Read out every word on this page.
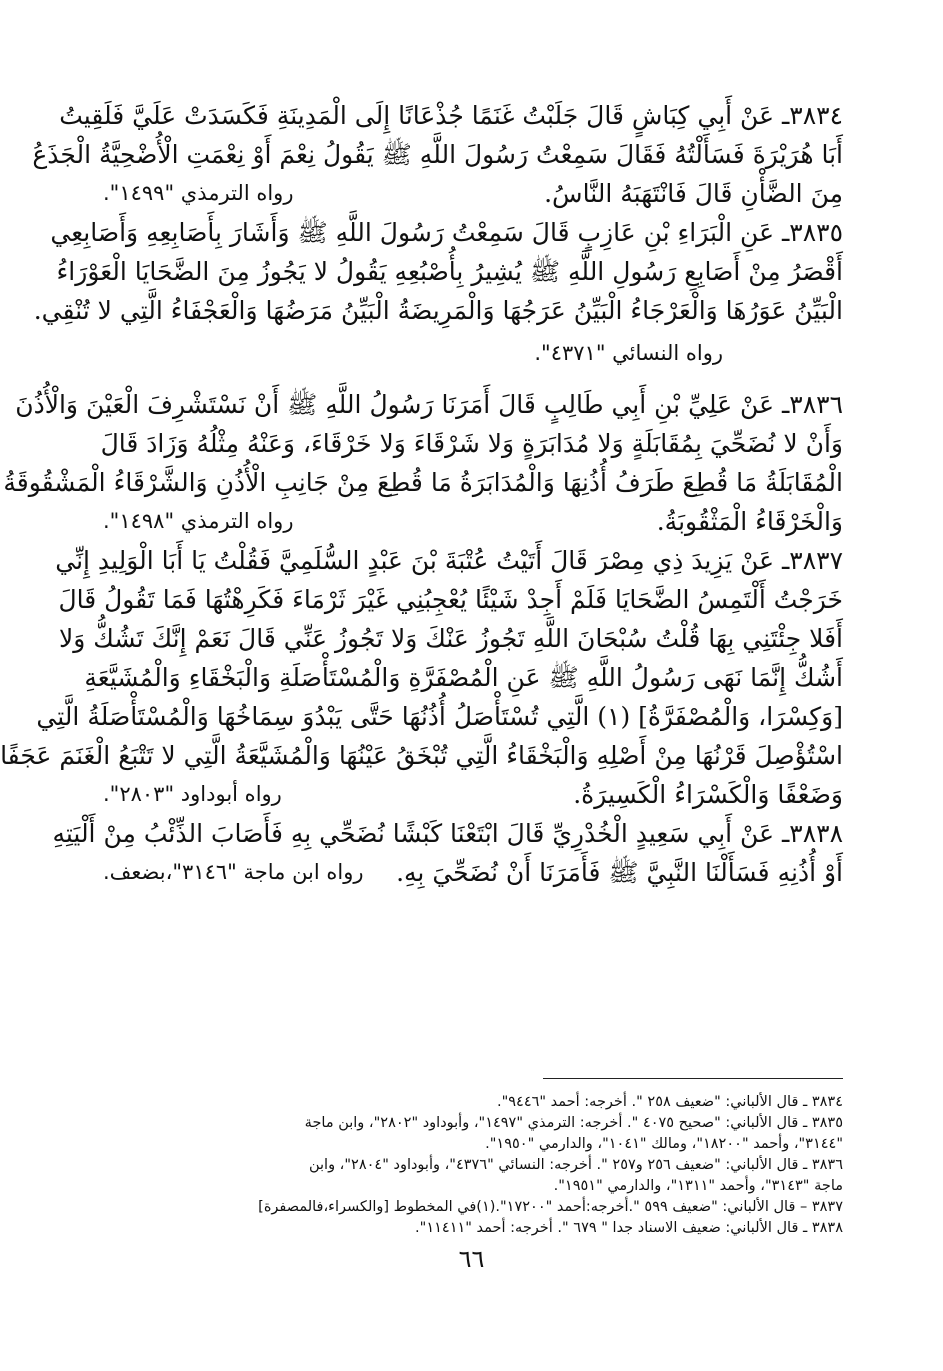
٣٨٣٤ـ عَنْ أَبِي كِبَاشٍ قَالَ جَلَبْتُ غَنَمًا جُذْعَانًا إِلَى الْمَدِينَةِ فَكَسَدَتْ عَلَيَّ فَلَقِيتُ
أَبَا هُرَيْرَةَ فَسَأَلْتُهُ فَقَالَ سَمِعْتُ رَسُولَ اللَّهِ ﷺ يَقُولُ نِعْمَ أَوْ نِعْمَتِ الْأُضْحِيَّةُ الْجَذَعُ
مِنَ الضَّأْنِ قَالَ فَانْتَهَبَهُ النَّاسُ.
رواه الترمذي "١٤٩٩".
٣٨٣٥ـ عَنِ الْبَرَاءِ بْنِ عَازِبٍ قَالَ سَمِعْتُ رَسُولَ اللَّهِ ﷺ وَأَشَارَ بِأَصَابِعِهِ وَأَصَابِعِي
أَقْصَرُ مِنْ أَصَابِعِ رَسُولِ اللَّهِ ﷺ يُشِيرُ بِأُصْبُعِهِ يَقُولُ لا يَجُوزُ مِنَ الضَّحَايَا الْعَوْرَاءُ
الْبَيِّنُ عَوَرُهَا وَالْعَرْجَاءُ الْبَيِّنُ عَرَجُهَا وَالْمَرِيضَةُ الْبَيِّنُ مَرَضُهَا وَالْعَجْفَاءُ الَّتِي لا تُنْقِي.
رواه النسائي "٤٣٧١".
٣٨٣٦ـ عَنْ عَلِيِّ بْنِ أَبِي طَالِبٍ قَالَ أَمَرَنَا رَسُولُ اللَّهِ ﷺ أَنْ نَسْتَشْرِفَ الْعَيْنَ وَالْأُذُنَ
وَأَنْ لا نُضَحِّيَ بِمُقَابَلَةٍ وَلا مُدَابَرَةٍ وَلا شَرْقَاءَ وَلا خَرْقَاءَ، وَعَنْهُ مِثْلُهُ وَزَادَ قَالَ
الْمُقَابَلَةُ مَا قُطِعَ طَرَفُ أُذُنِهَا وَالْمُدَابَرَةُ مَا قُطِعَ مِنْ جَانِبِ الْأُذُنِ وَالشَّرْقَاءُ الْمَشْقُوقَةُ
وَالْخَرْقَاءُ الْمَثْقُوبَةُ.
رواه الترمذي "١٤٩٨".
٣٨٣٧ـ عَنْ يَزِيدَ ذِي مِصْرَ قَالَ أَتَيْتُ عُتْبَةَ بْنَ عَبْدٍ السُّلَمِيَّ فَقُلْتُ يَا أَبَا الْوَلِيدِ إِنِّي
خَرَجْتُ أَلْتَمِسُ الضَّحَايَا فَلَمْ أَجِدْ شَيْئًا يُعْجِبُنِي غَيْرَ ثَرْمَاءَ فَكَرِهْتُهَا فَمَا تَقُولُ قَالَ
أَفَلا جِئْتَنِي بِهَا قُلْتُ سُبْحَانَ اللَّهِ تَجُوزُ عَنْكَ وَلا تَجُوزُ عَنِّي قَالَ نَعَمْ إِنَّكَ تَشُكُّ وَلا
أَشُكُّ إِنَّمَا نَهَى رَسُولُ اللَّهِ ﷺ عَنِ الْمُصْفَرَّةِ وَالْمُسْتَأْصَلَةِ وَالْبَخْقَاءِ وَالْمُشَيَّعَةِ
[وَكِسْرَا، وَالْمُصْفَرَّةُ] (١) الَّتِي تُسْتَأْصَلُ أُذُنُهَا حَتَّى يَبْدُوَ سِمَاخُهَا وَالْمُسْتَأْصَلَةُ الَّتِي
اسْتُؤْصِلَ قَرْنُهَا مِنْ أَصْلِهِ وَالْبَخْقَاءُ الَّتِي تُبْخَقُ عَيْنُهَا وَالْمُشَيَّعَةُ الَّتِي لا تَتْبَعُ الْغَنَمَ عَجَفًا
وَضَعْفًا وَالْكَسْرَاءُ الْكَسِيرَةُ.
رواه أبوداود "٢٨٠٣".
٣٨٣٨ـ عَنْ أَبِي سَعِيدٍ الْخُدْرِيِّ قَالَ ابْتَعْنَا كَبْشًا نُضَحِّي بِهِ فَأَصَابَ الذِّئْبُ مِنْ أَلْيَتِهِ
أَوْ أُذُنِهِ فَسَأَلْنَا النَّبِيَّ ﷺ فَأَمَرَنَا أَنْ نُضَحِّيَ بِهِ.
رواه ابن ماجة "٣١٤٦"،بضعف.
٣٨٣٤ ـ قال الألباني: "ضعيف ٢٥٨ ". أخرجه: أحمد "٩٤٤٦".
٣٨٣٥ ـ قال الألباني: "صحيح ٤٠٧٥ ". أخرجه: الترمذي "١٤٩٧"، وأبوداود "٢٨٠٢"، وابن ماجة
"٣١٤٤"، وأحمد "١٨٢٠٠"، ومالك "١٠٤١"، والدارمي "١٩٥٠".
٣٨٣٦ ـ قال الألباني: "ضعيف ٢٥٦ و٢٥٧ ". أخرجه: النسائي "٤٣٧٦"، وأبوداود "٢٨٠٤"، وابن
ماجة "٣١٤٣"، وأحمد "١٣١١"، والدارمي "١٩٥١".
٣٨٣٧ – قال الألباني: "ضعيف ٥٩٩ ".أخرجه:أحمد "١٧٢٠٠".(١)في المخطوط [والكسراء،فالمصفرة]
٣٨٣٨ ـ قال الألباني: ضعيف الاسناد جدا " ٦٧٩ ". أخرجه: أحمد "١١٤١١".
٦٦
